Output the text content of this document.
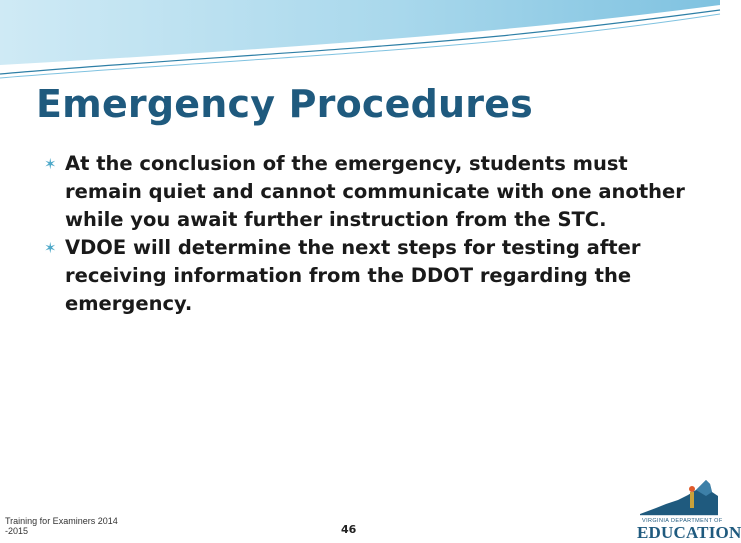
Emergency Procedures

✶ At the conclusion of the emergency, students must remain quiet and cannot communicate with one another while you await further instruction from the STC.

✶ VDOE will determine the next steps for testing after receiving information from the DDOT regarding the emergency.

Training for Examiners 2014
-2015	46
VIRGINIA DEPARTMENT OF
EDUCATION
